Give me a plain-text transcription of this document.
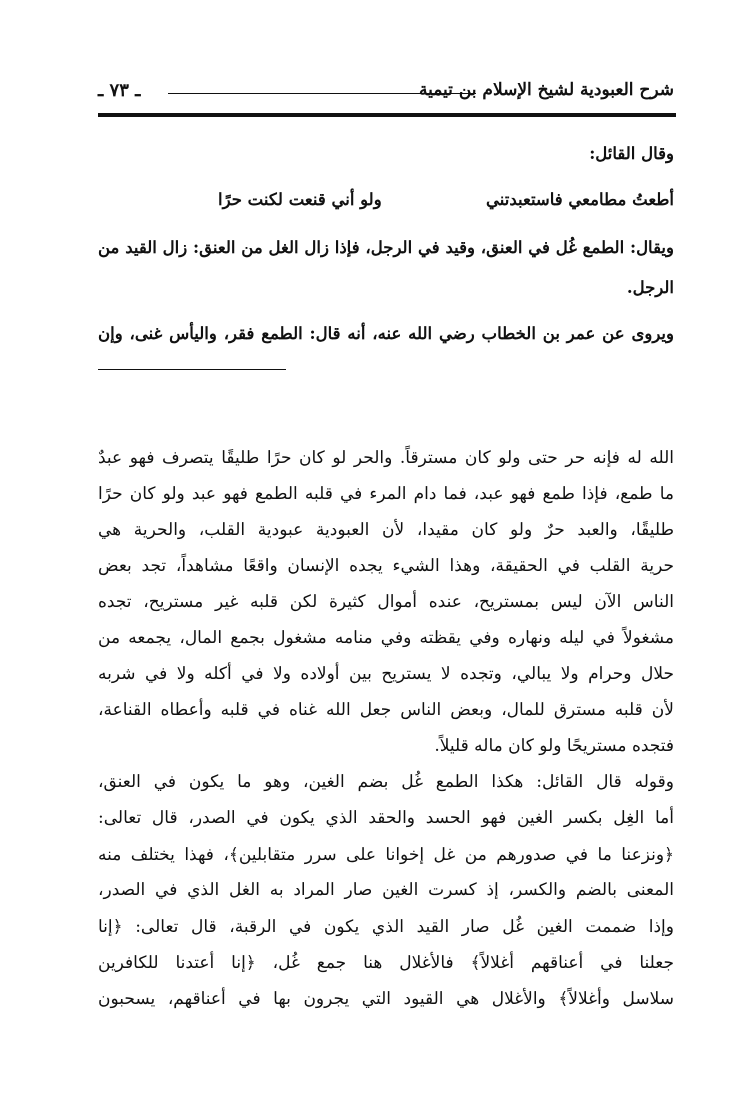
شرح العبودية لشيخ الإسلام بن تيمية
ـ ٧٣ ـ
وقال القائل:
أطعتُ مطامعي فاستعبدتني
ولو أني قنعت لكنت حرًا
ويقال: الطمع غُل في العنق، وقيد في الرجل، فإذا زال الغل من العنق: زال القيد من
الرجل.
ويروى عن عمر بن الخطاب رضي الله عنه، أنه قال: الطمع فقر، واليأس غنى، وإن
الله له فإنه حر حتى ولو كان مسترقاً. والحر لو كان حرًا طليقًا يتصرف فهو عبدٌ
ما طمع، فإذا طمع فهو عبد، فما دام المرء في قلبه الطمع فهو عبد ولو كان حرًا
طليقًا، والعبد حرٌ ولو كان مقيدا، لأن العبودية عبودية القلب، والحرية هي
حرية القلب في الحقيقة، وهذا الشيء يجده الإنسان واقعًا مشاهداً، تجد بعض
الناس الآن ليس بمستريح، عنده أموال كثيرة لكن قلبه غير مستريح، تجده
مشغولاً في ليله ونهاره وفي يقظته وفي منامه مشغول بجمع المال، يجمعه من
حلال وحرام ولا يبالي، وتجده لا يستريح بين أولاده ولا في أكله ولا في شربه
لأن قلبه مسترق للمال، وبعض الناس جعل الله غناه في قلبه وأعطاه القناعة،
فتجده مستريحًا ولو كان ماله قليلاً.
وقوله قال القائل: هكذا الطمع غُل بضم الغين، وهو ما يكون في العنق،
أما الغِل بكسر الغين فهو الحسد والحقد الذي يكون في الصدر، قال تعالى:
﴿ونزعنا ما في صدورهم من غل إخوانا على سرر متقابلين﴾، فهذا يختلف منه
المعنى بالضم والكسر، إذ كسرت الغين صار المراد به الغل الذي في الصدر،
وإذا ضممت الغين غُل صار القيد الذي يكون في الرقبة، قال تعالى: ﴿إنا
جعلنا في أعناقهم أغلالاً﴾ فالأغلال هنا جمع غُل، ﴿إنا أعتدنا للكافرين
سلاسل وأغلالاً﴾ والأغلال هي القيود التي يجرون بها في أعناقهم، يسحبون
